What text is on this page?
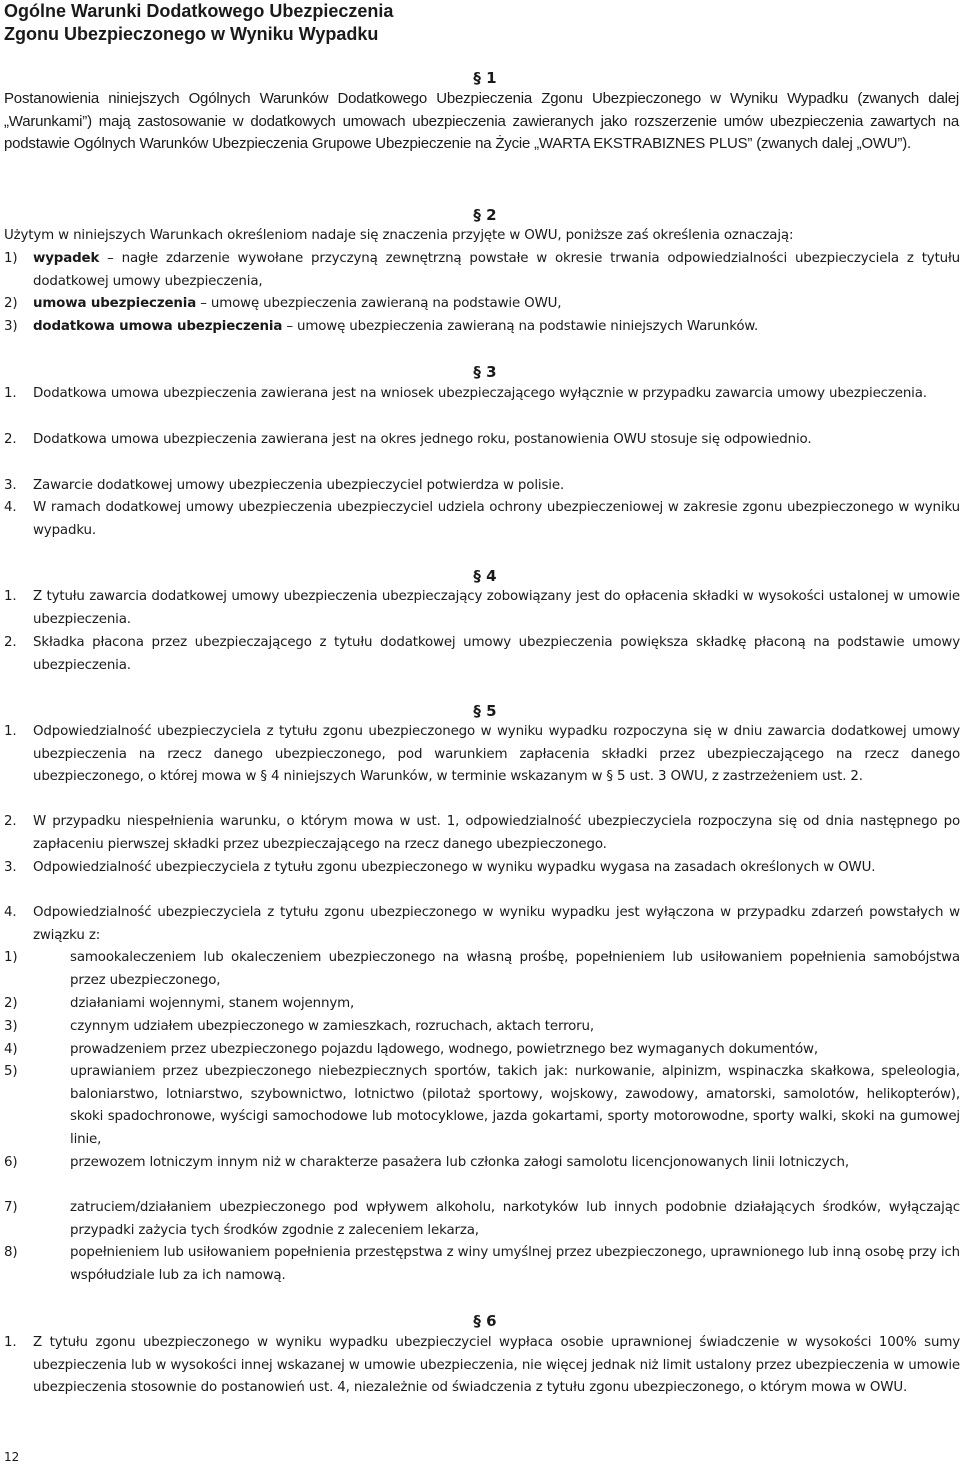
Ogólne Warunki Dodatkowego Ubezpieczenia
Zgonu Ubezpieczonego w Wyniku Wypadku
§ 1
Postanowienia niniejszych Ogólnych Warunków Dodatkowego Ubezpieczenia Zgonu Ubezpieczonego w Wyniku Wypadku (zwanych dalej „Warunkami”) mają zastosowanie w dodatkowych umowach ubezpieczenia zawieranych jako rozszerzenie umów ubezpieczenia zawartych na podstawie Ogólnych Warunków Ubezpieczenia Grupowe Ubezpieczenie na Życie „WARTA EKSTRABIZNES PLUS” (zwanych dalej „OWU”).
§ 2
Użytym w niniejszych Warunkach określeniom nadaje się znaczenia przyjęte w OWU, poniższe zaś określenia oznaczają:
1)	wypadek – nagłe zdarzenie wywołane przyczyną zewnętrzną powstałe w okresie trwania odpowiedzialności ubezpieczyciela z tytułu dodatkowej umowy ubezpieczenia,
2)	umowa ubezpieczenia – umowę ubezpieczenia zawieraną na podstawie OWU,
3)	dodatkowa umowa ubezpieczenia – umowę ubezpieczenia zawieraną na podstawie niniejszych Warunków.
§ 3
1.	Dodatkowa umowa ubezpieczenia zawierana jest na wniosek ubezpieczającego wyłącznie w przypadku zawarcia umowy ubezpieczenia.
2.	Dodatkowa umowa ubezpieczenia zawierana jest na okres jednego roku, postanowienia OWU stosuje się odpowiednio.
3.	Zawarcie dodatkowej umowy ubezpieczenia ubezpieczyciel potwierdza w polisie.
4.	W ramach dodatkowej umowy ubezpieczenia ubezpieczyciel udziela ochrony ubezpieczeniowej w zakresie zgonu ubezpieczonego w wyniku wypadku.
§ 4
1.	Z tytułu zawarcia dodatkowej umowy ubezpieczenia ubezpieczający zobowiązany jest do opłacenia składki w wysokości ustalonej w umowie ubezpieczenia.
2.	Składka płacona przez ubezpieczającego z tytułu dodatkowej umowy ubezpieczenia powiększa składkę płaconą na podstawie umowy ubezpieczenia.
§ 5
1.	Odpowiedzialność ubezpieczyciela z tytułu zgonu ubezpieczonego w wyniku wypadku rozpoczyna się w dniu zawarcia dodatkowej umowy ubezpieczenia na rzecz danego ubezpieczonego, pod warunkiem zapłacenia składki przez ubezpieczającego na rzecz danego ubezpieczonego, o której mowa w § 4 niniejszych Warunków, w terminie wskazanym w § 5 ust. 3 OWU, z zastrzeżeniem ust. 2.
2.	W przypadku niespełnienia warunku, o którym mowa w ust. 1, odpowiedzialność ubezpieczyciela rozpoczyna się od dnia następnego po zapłaceniu pierwszej składki przez ubezpieczającego na rzecz danego ubezpieczonego.
3.	Odpowiedzialność ubezpieczyciela z tytułu zgonu ubezpieczonego w wyniku wypadku wygasa na zasadach określonych w OWU.
4.	Odpowiedzialność ubezpieczyciela z tytułu zgonu ubezpieczonego w wyniku wypadku jest wyłączona w przypadku zdarzeń powstałych w związku z:
1)	samookaleczeniem lub okaleczeniem ubezpieczonego na własną prośbę, popełnieniem lub usiłowaniem popełnienia samobójstwa przez ubezpieczonego,
2)	działaniami wojennymi, stanem wojennym,
3)	czynnym udziałem ubezpieczonego w zamieszkach, rozruchach, aktach terroru,
4)	prowadzeniem przez ubezpieczonego pojazdu lądowego, wodnego, powietrznego bez wymaganych dokumentów,
5)	uprawianiem przez ubezpieczonego niebezpiecznych sportów, takich jak: nurkowanie, alpinizm, wspinaczka skałkowa, speleologia, baloniarstwo, lotniarstwo, szybownictwo, lotnictwo (pilotaż sportowy, wojskowy, zawodowy, amatorski, samolotów, helikopterów), skoki spadochronowe, wyścigi samochodowe lub motocyklowe, jazda gokartami, sporty motorowodne, sporty walki, skoki na gumowej linie,
6)	przewozem lotniczym innym niż w charakterze pasażera lub członka załogi samolotu licencjonowanych linii lotniczych,
7)	zatruciem/działaniem ubezpieczonego pod wpływem alkoholu, narkotyków lub innych podobnie działających środków, wyłączając przypadki zażycia tych środków zgodnie z zaleceniem lekarza,
8)	popełnieniem lub usiłowaniem popełnienia przestępstwa z winy umyślnej przez ubezpieczonego, uprawnionego lub inną osobę przy ich współudziale lub za ich namową.
§ 6
1.	Z tytułu zgonu ubezpieczonego w wyniku wypadku ubezpieczyciel wypłaca osobie uprawnionej świadczenie w wysokości 100% sumy ubezpieczenia lub w wysokości innej wskazanej w umowie ubezpieczenia, nie więcej jednak niż limit ustalony przez ubezpieczenia w umowie ubezpieczenia stosownie do postanowień ust. 4, niezależnie od świadczenia z tytułu zgonu ubezpieczonego, o którym mowa w OWU.
12
